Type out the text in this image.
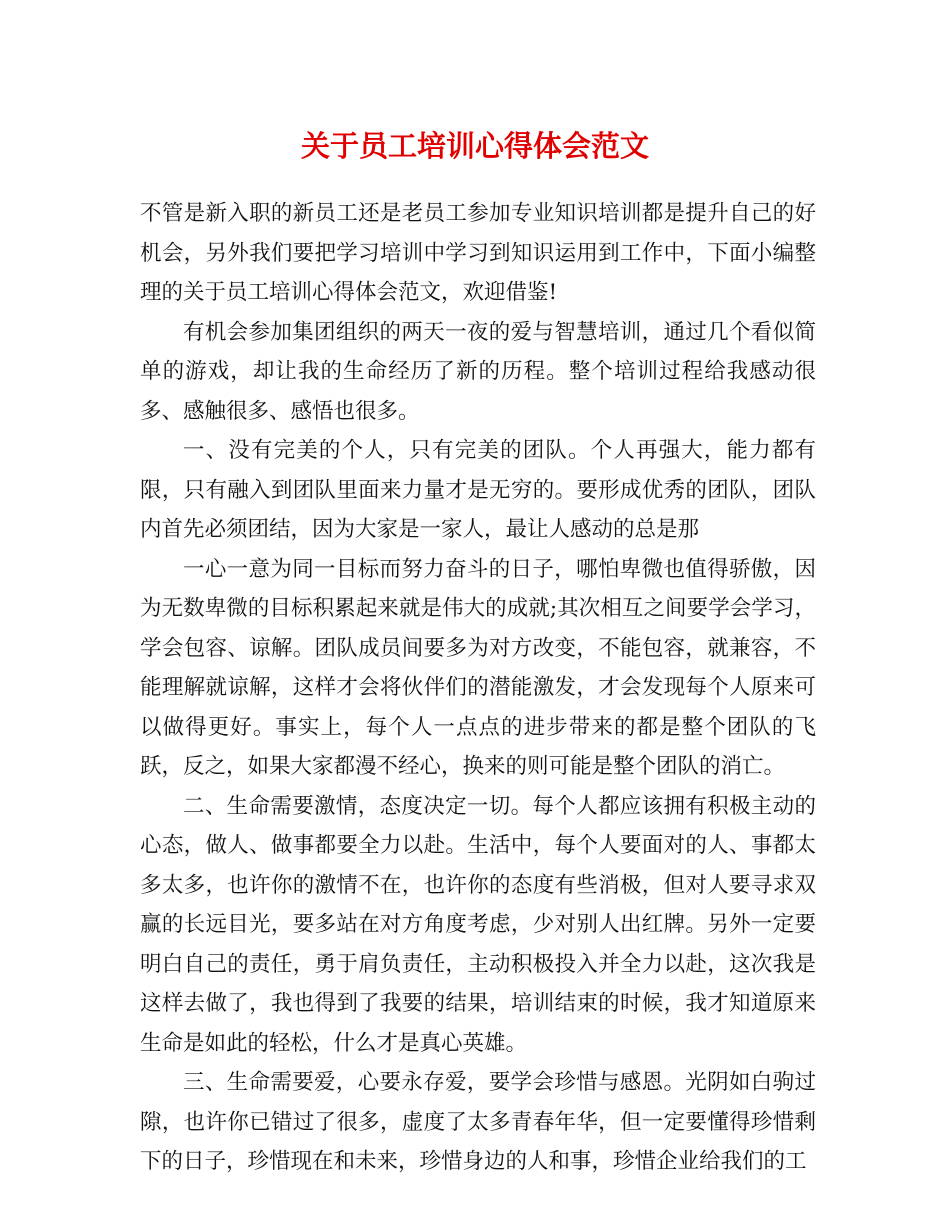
关于员工培训心得体会范文

不管是新入职的新员工还是老员工参加专业知识培训都是提升自己的好机会，另外我们要把学习培训中学习到知识运用到工作中，下面小编整理的关于员工培训心得体会范文，欢迎借鉴!

有机会参加集团组织的两天一夜的爱与智慧培训，通过几个看似简单的游戏，却让我的生命经历了新的历程。整个培训过程给我感动很多、感触很多、感悟也很多。

一、没有完美的个人，只有完美的团队。个人再强大，能力都有限，只有融入到团队里面来力量才是无穷的。要形成优秀的团队，团队内首先必须团结，因为大家是一家人，最让人感动的总是那

一心一意为同一目标而努力奋斗的日子，哪怕卑微也值得骄傲，因为无数卑微的目标积累起来就是伟大的成就;其次相互之间要学会学习，学会包容、谅解。团队成员间要多为对方改变，不能包容，就兼容，不能理解就谅解，这样才会将伙伴们的潜能激发，才会发现每个人原来可以做得更好。事实上，每个人一点点的进步带来的都是整个团队的飞跃，反之，如果大家都漫不经心，换来的则可能是整个团队的消亡。

二、生命需要激情，态度决定一切。每个人都应该拥有积极主动的心态，做人、做事都要全力以赴。生活中，每个人要面对的人、事都太多太多，也许你的激情不在，也许你的态度有些消极，但对人要寻求双赢的长远目光，要多站在对方角度考虑，少对别人出红牌。另外一定要明白自己的责任，勇于肩负责任，主动积极投入并全力以赴，这次我是这样去做了，我也得到了我要的结果，培训结束的时候，我才知道原来生命是如此的轻松，什么才是真心英雄。

三、生命需要爱，心要永存爱，要学会珍惜与感恩。光阴如白驹过隙，也许你已错过了很多，虚度了太多青春年华，但一定要懂得珍惜剩下的日子，珍惜现在和未来，珍惜身边的人和事，珍惜企业给我们的工
